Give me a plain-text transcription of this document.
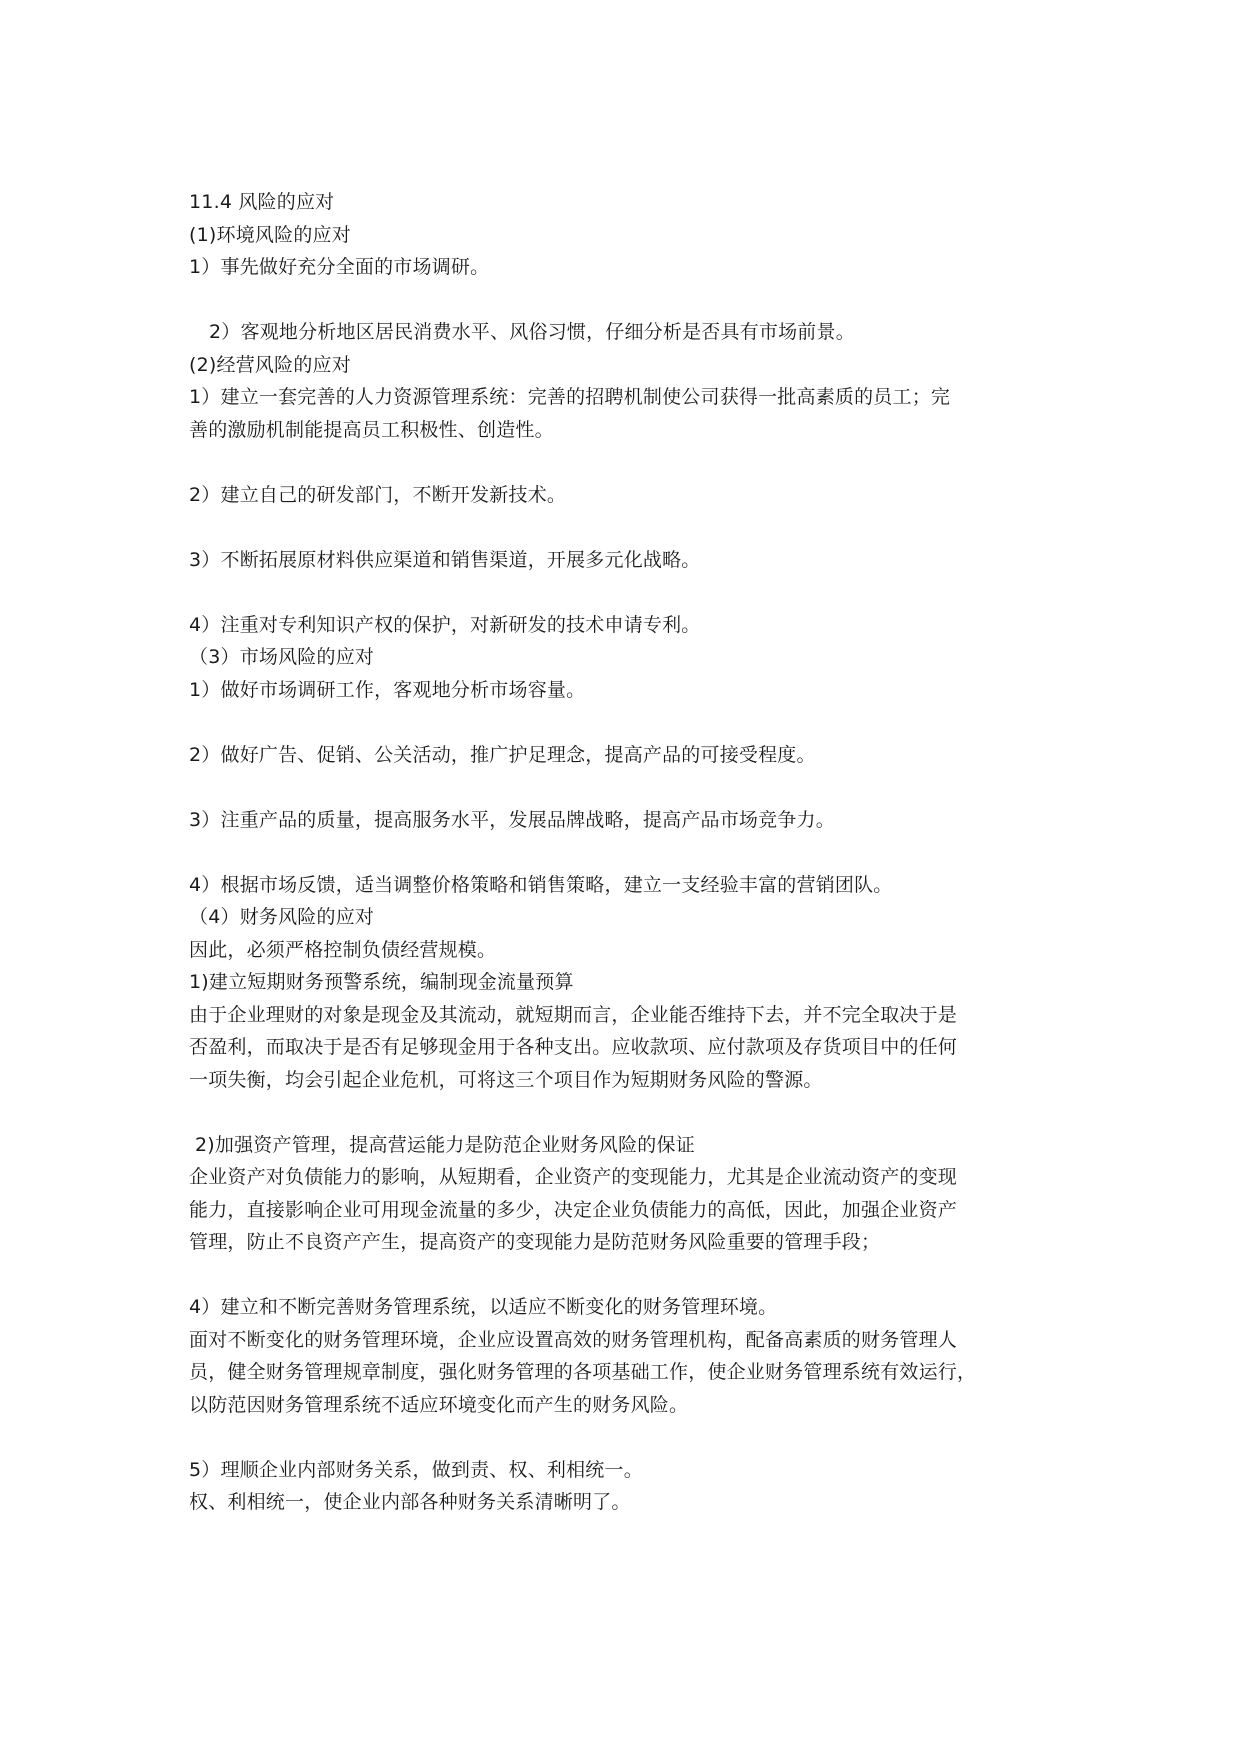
11.4 风险的应对
(1)环境风险的应对
1）事先做好充分全面的市场调研。
2）客观地分析地区居民消费水平、风俗习惯，仔细分析是否具有市场前景。
(2)经营风险的应对
1）建立一套完善的人力资源管理系统：完善的招聘机制使公司获得一批高素质的员工；完
善的激励机制能提高员工积极性、创造性。
2）建立自己的研发部门，不断开发新技术。
3）不断拓展原材料供应渠道和销售渠道，开展多元化战略。
4）注重对专利知识产权的保护，对新研发的技术申请专利。
（3）市场风险的应对
1）做好市场调研工作，客观地分析市场容量。
2）做好广告、促销、公关活动，推广护足理念，提高产品的可接受程度。
3）注重产品的质量，提高服务水平，发展品牌战略，提高产品市场竞争力。
4）根据市场反馈，适当调整价格策略和销售策略，建立一支经验丰富的营销团队。
（4）财务风险的应对
因此，必须严格控制负债经营规模。
1)建立短期财务预警系统，编制现金流量预算
由于企业理财的对象是现金及其流动，就短期而言，企业能否维持下去，并不完全取决于是
否盈利，而取决于是否有足够现金用于各种支出。应收款项、应付款项及存货项目中的任何
一项失衡，均会引起企业危机，可将这三个项目作为短期财务风险的警源。
2)加强资产管理，提高营运能力是防范企业财务风险的保证
企业资产对负债能力的影响，从短期看，企业资产的变现能力，尤其是企业流动资产的变现
能力，直接影响企业可用现金流量的多少，决定企业负债能力的高低，因此，加强企业资产
管理，防止不良资产产生，提高资产的变现能力是防范财务风险重要的管理手段；
4）建立和不断完善财务管理系统，以适应不断变化的财务管理环境。
面对不断变化的财务管理环境，企业应设置高效的财务管理机构，配备高素质的财务管理人
员，健全财务管理规章制度，强化财务管理的各项基础工作，使企业财务管理系统有效运行，
以防范因财务管理系统不适应环境变化而产生的财务风险。
5）理顺企业内部财务关系，做到责、权、利相统一。
权、利相统一，使企业内部各种财务关系清晰明了。
